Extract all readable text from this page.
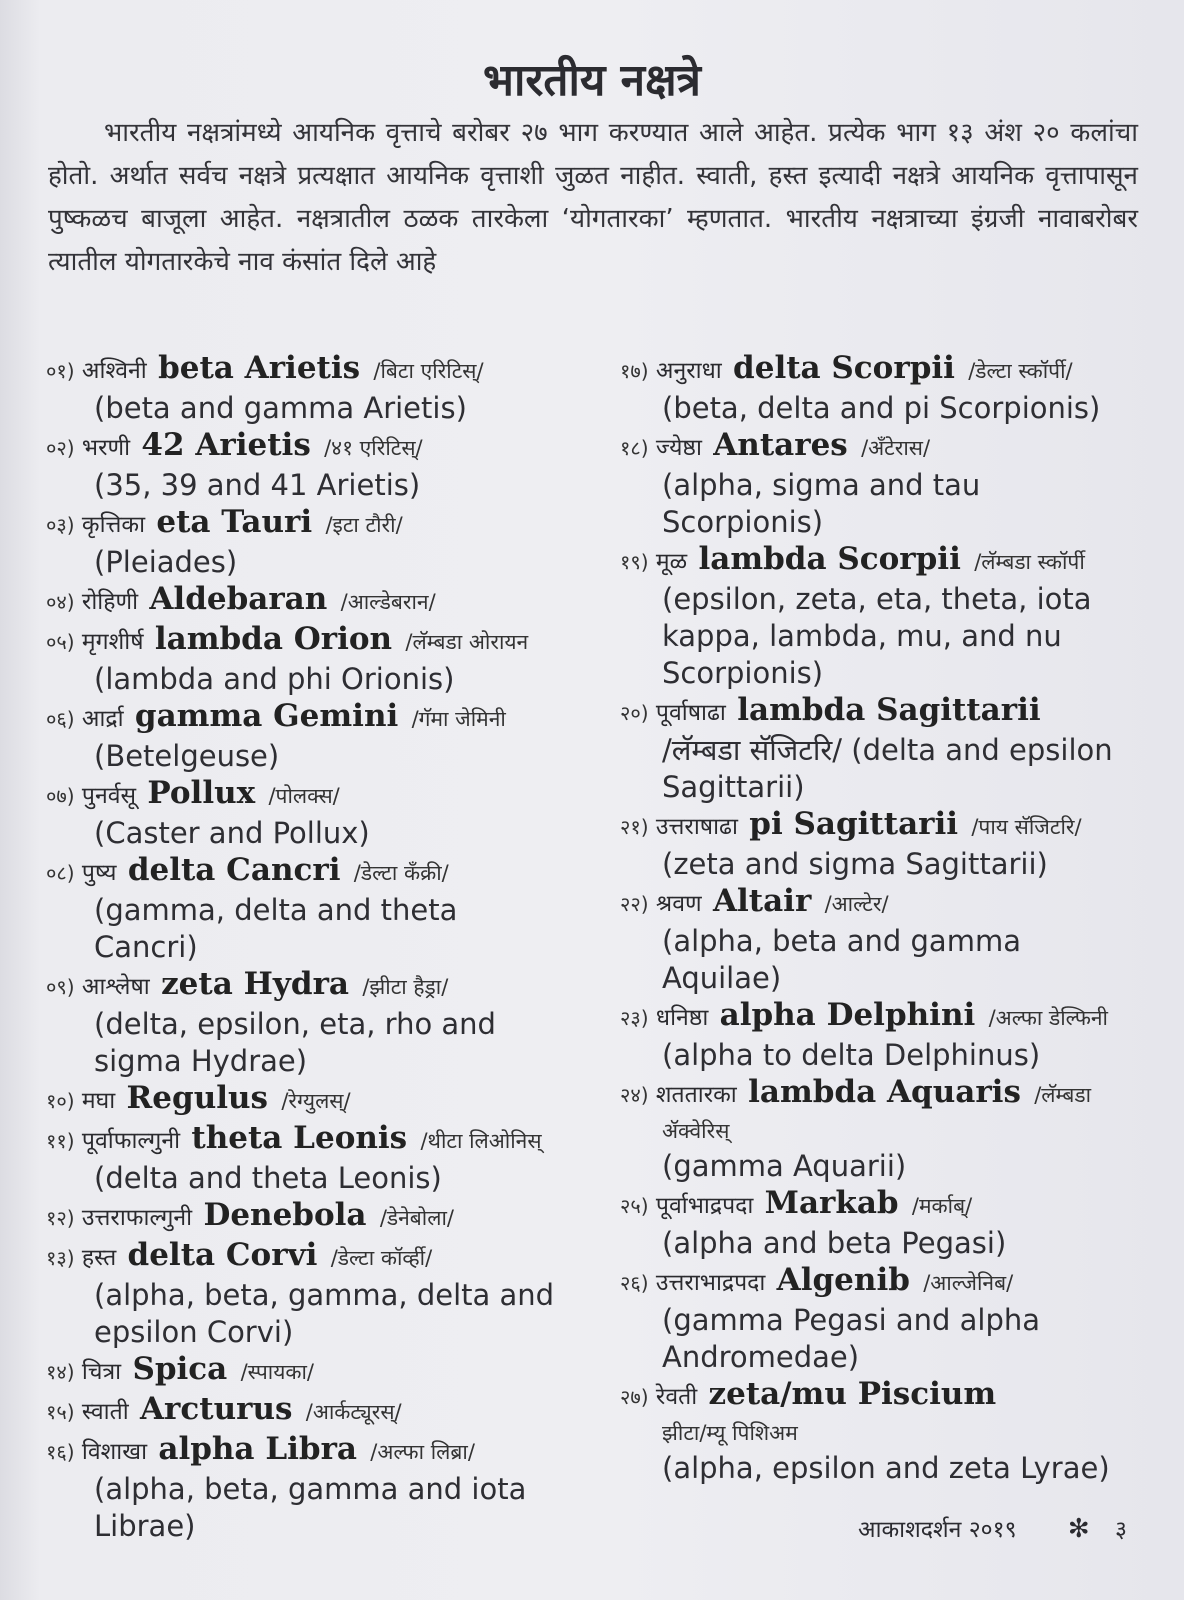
भारतीय नक्षत्रे
भारतीय नक्षत्रांमध्ये आयनिक वृत्ताचे बरोबर २७ भाग करण्यात आले आहेत. प्रत्येक भाग १३ अंश २० कलांचा होतो. अर्थात सर्वच नक्षत्रे प्रत्यक्षात आयनिक वृत्ताशी जुळत नाहीत. स्वाती, हस्त इत्यादी नक्षत्रे आयनिक वृत्तापासून पुष्कळच बाजूला आहेत. नक्षत्रातील ठळक तारकेला ‘योगतारका’ म्हणतात. भारतीय नक्षत्राच्या इंग्रजी नावाबरोबर त्यातील योगतारकेचे नाव कंसांत दिले आहे
०१) अश्विनी beta Arietis /बिटा एरिटिस्/
(beta and gamma Arietis)
०२) भरणी 42 Arietis /४१ एरिटिस्/
(35, 39 and 41 Arietis)
०३) कृत्तिका eta Tauri /इटा टौरी/
(Pleiades)
०४) रोहिणी Aldebaran /आल्डेबरान/
०५) मृगशीर्ष lambda Orion /लॅम्बडा ओरायन
(lambda and phi Orionis)
०६) आर्द्रा gamma Gemini /गॅमा जेमिनी
(Betelgeuse)
०७) पुनर्वसू Pollux /पोलक्स/
(Caster and Pollux)
०८) पुष्य delta Cancri /डेल्टा कॅंक्री/
(gamma, delta and theta
Cancri)
०९) आश्लेषा zeta Hydra /झीटा हैड्रा/
(delta, epsilon, eta, rho and
sigma Hydrae)
१०) मघा Regulus /रेग्युलस्/
११) पूर्वाफाल्गुनी theta Leonis /थीटा लिओनिस्
(delta and theta Leonis)
१२) उत्तराफाल्गुनी Denebola /डेनेबोला/
१३) हस्त delta Corvi /डेल्टा कॉर्व्ही/
(alpha, beta, gamma, delta and
epsilon Corvi)
१४) चित्रा Spica /स्पायका/
१५) स्वाती Arcturus /आर्कट्यूरस्/
१६) विशाखा alpha Libra /अल्फा लिब्रा/
(alpha, beta, gamma and iota
Librae)
१७) अनुराधा delta Scorpii /डेल्टा स्कॉर्पी/
(beta, delta and pi Scorpionis)
१८) ज्येष्ठा Antares /अँटेरास/
(alpha, sigma and tau
Scorpionis)
१९) मूळ lambda Scorpii /लॅम्बडा स्कॉर्पी
(epsilon, zeta, eta, theta, iota
kappa, lambda, mu, and nu
Scorpionis)
२०) पूर्वाषाढा lambda Sagittarii
/लॅम्बडा सॅजिटरि/ (delta and epsilon
Sagittarii)
२१) उत्तराषाढा pi Sagittarii /पाय सॅजिटरि/
(zeta and sigma Sagittarii)
२२) श्रवण Altair /आल्टेर/
(alpha, beta and gamma
Aquilae)
२३) धनिष्ठा alpha Delphini /अल्फा डेल्फिनी
(alpha to delta Delphinus)
२४) शततारका lambda Aquaris /लॅम्बडा
ॲक्वेरिस्
(gamma Aquarii)
२५) पूर्वाभाद्रपदा Markab /मर्काब्/
(alpha and beta Pegasi)
२६) उत्तराभाद्रपदा Algenib /आल्जेनिब/
(gamma Pegasi and alpha
Andromedae)
२७) रेवती zeta/mu Piscium
झीटा/म्यू पिशिअम
(alpha, epsilon and zeta Lyrae)
आकाशदर्शन २०१९ ✻ ३
